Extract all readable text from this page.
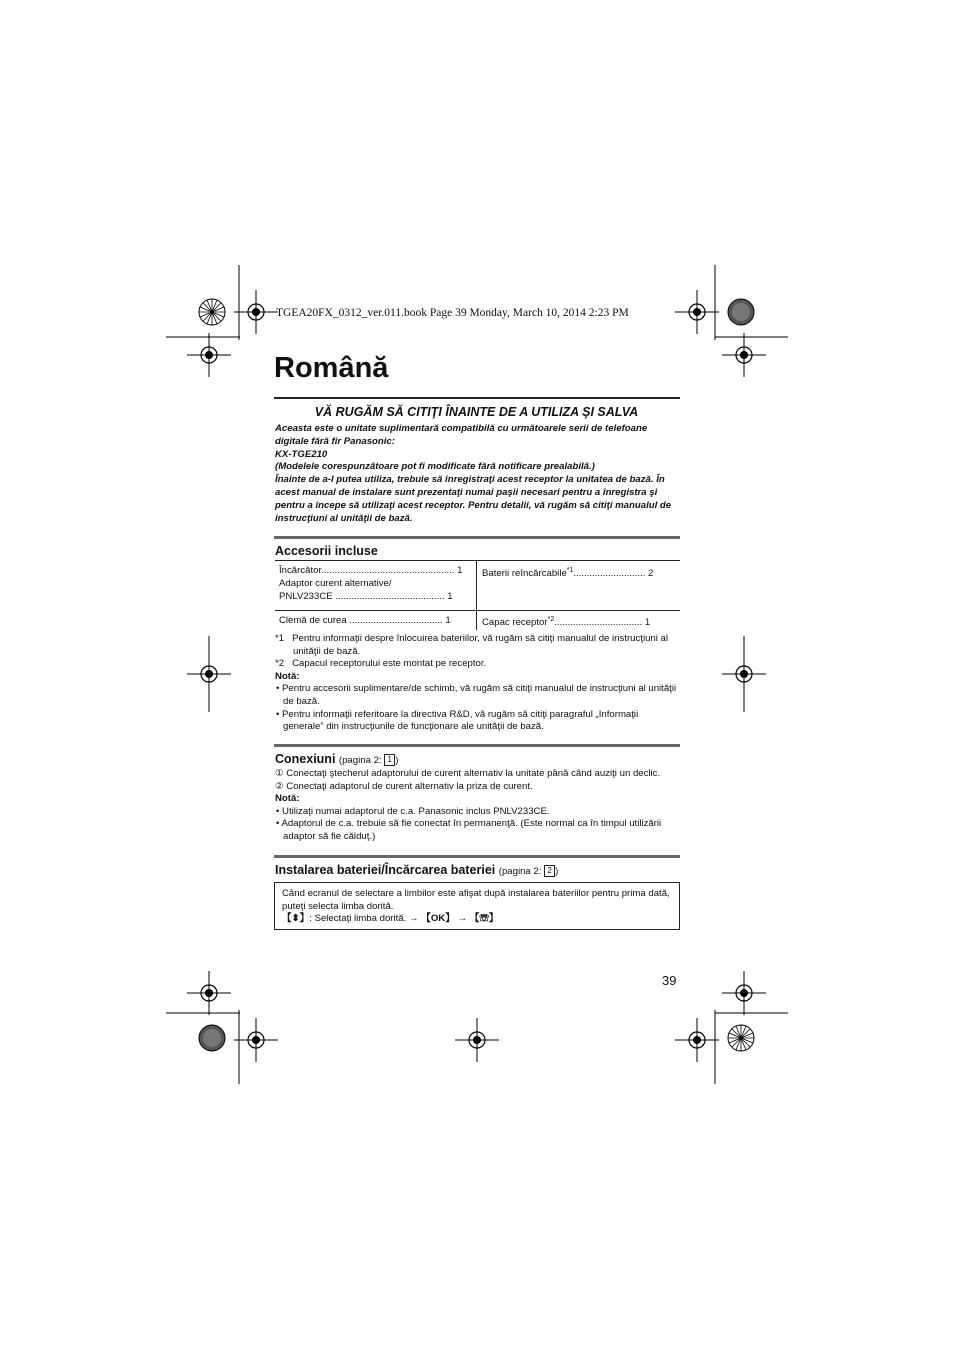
TGEA20FX_0312_ver.011.book Page 39 Monday, March 10, 2014 2:23 PM
Română
VĂ RUGĂM SĂ CITIŢI ÎNAINTE DE A UTILIZA ŞI SALVA
Aceasta este o unitate suplimentară compatibilă cu următoarele serii de telefoane digitale fără fir Panasonic:
KX-TGE210
(Modelele corespunzătoare pot fi modificate fără notificare prealabilă.)
Înainte de a-l putea utiliza, trebuie să înregistraţi acest receptor la unitatea de bază. În acest manual de instalare sunt prezentaţi numai paşii necesari pentru a înregistra şi pentru a începe să utilizaţi acest receptor. Pentru detalii, vă rugăm să citiţi manualul de instrucţiuni al unităţii de bază.
Accesorii incluse
Încărcător.................................................. 1
Adaptor curent alternative/
PNLV233CE ......................................... 1
Baterii reîncărcabile$^{*1}$........................... 2
Clemă de curea ................................... 1	Capac receptor$^{*2}$................................. 1
*1 Pentru informaţii despre înlocuirea bateriilor, vă rugăm să citiţi manualul de instrucţiuni al unităţii de bază.
*2 Capacul receptorului este montat pe receptor.
Notă:
• Pentru accesorii suplimentare/de schimb, vă rugăm să citiţi manualul de instrucţiuni al unităţii de bază.
• Pentru informaţii referitoare la directiva R&D, vă rugăm să citiţi paragraful „Informaţii generale” din instrucţiunile de funcţionare ale unităţii de bază.
Conexiuni (pagina 2: 1 )
① Conectaţi ştecherul adaptorului de curent alternativ la unitate până când auziţi un declic.
② Conectaţi adaptorul de curent alternativ la priza de curent.
Notă:
• Utilizaţi numai adaptorul de c.a. Panasonic inclus PNLV233CE.
• Adaptorul de c.a. trebuie să fie conectat în permanenţă. (Este normal ca în timpul utilizării adaptor să fie călduţ.)
Instalarea bateriei/Încărcarea bateriei (pagina 2: 2 )
Când ecranul de selectare a limbilor este afişat după instalarea bateriilor pentru prima dată, puteţi selecta limba dorită.
【⬍】: Selectaţi limba dorită. → 【OK】 → 【☏】
39
